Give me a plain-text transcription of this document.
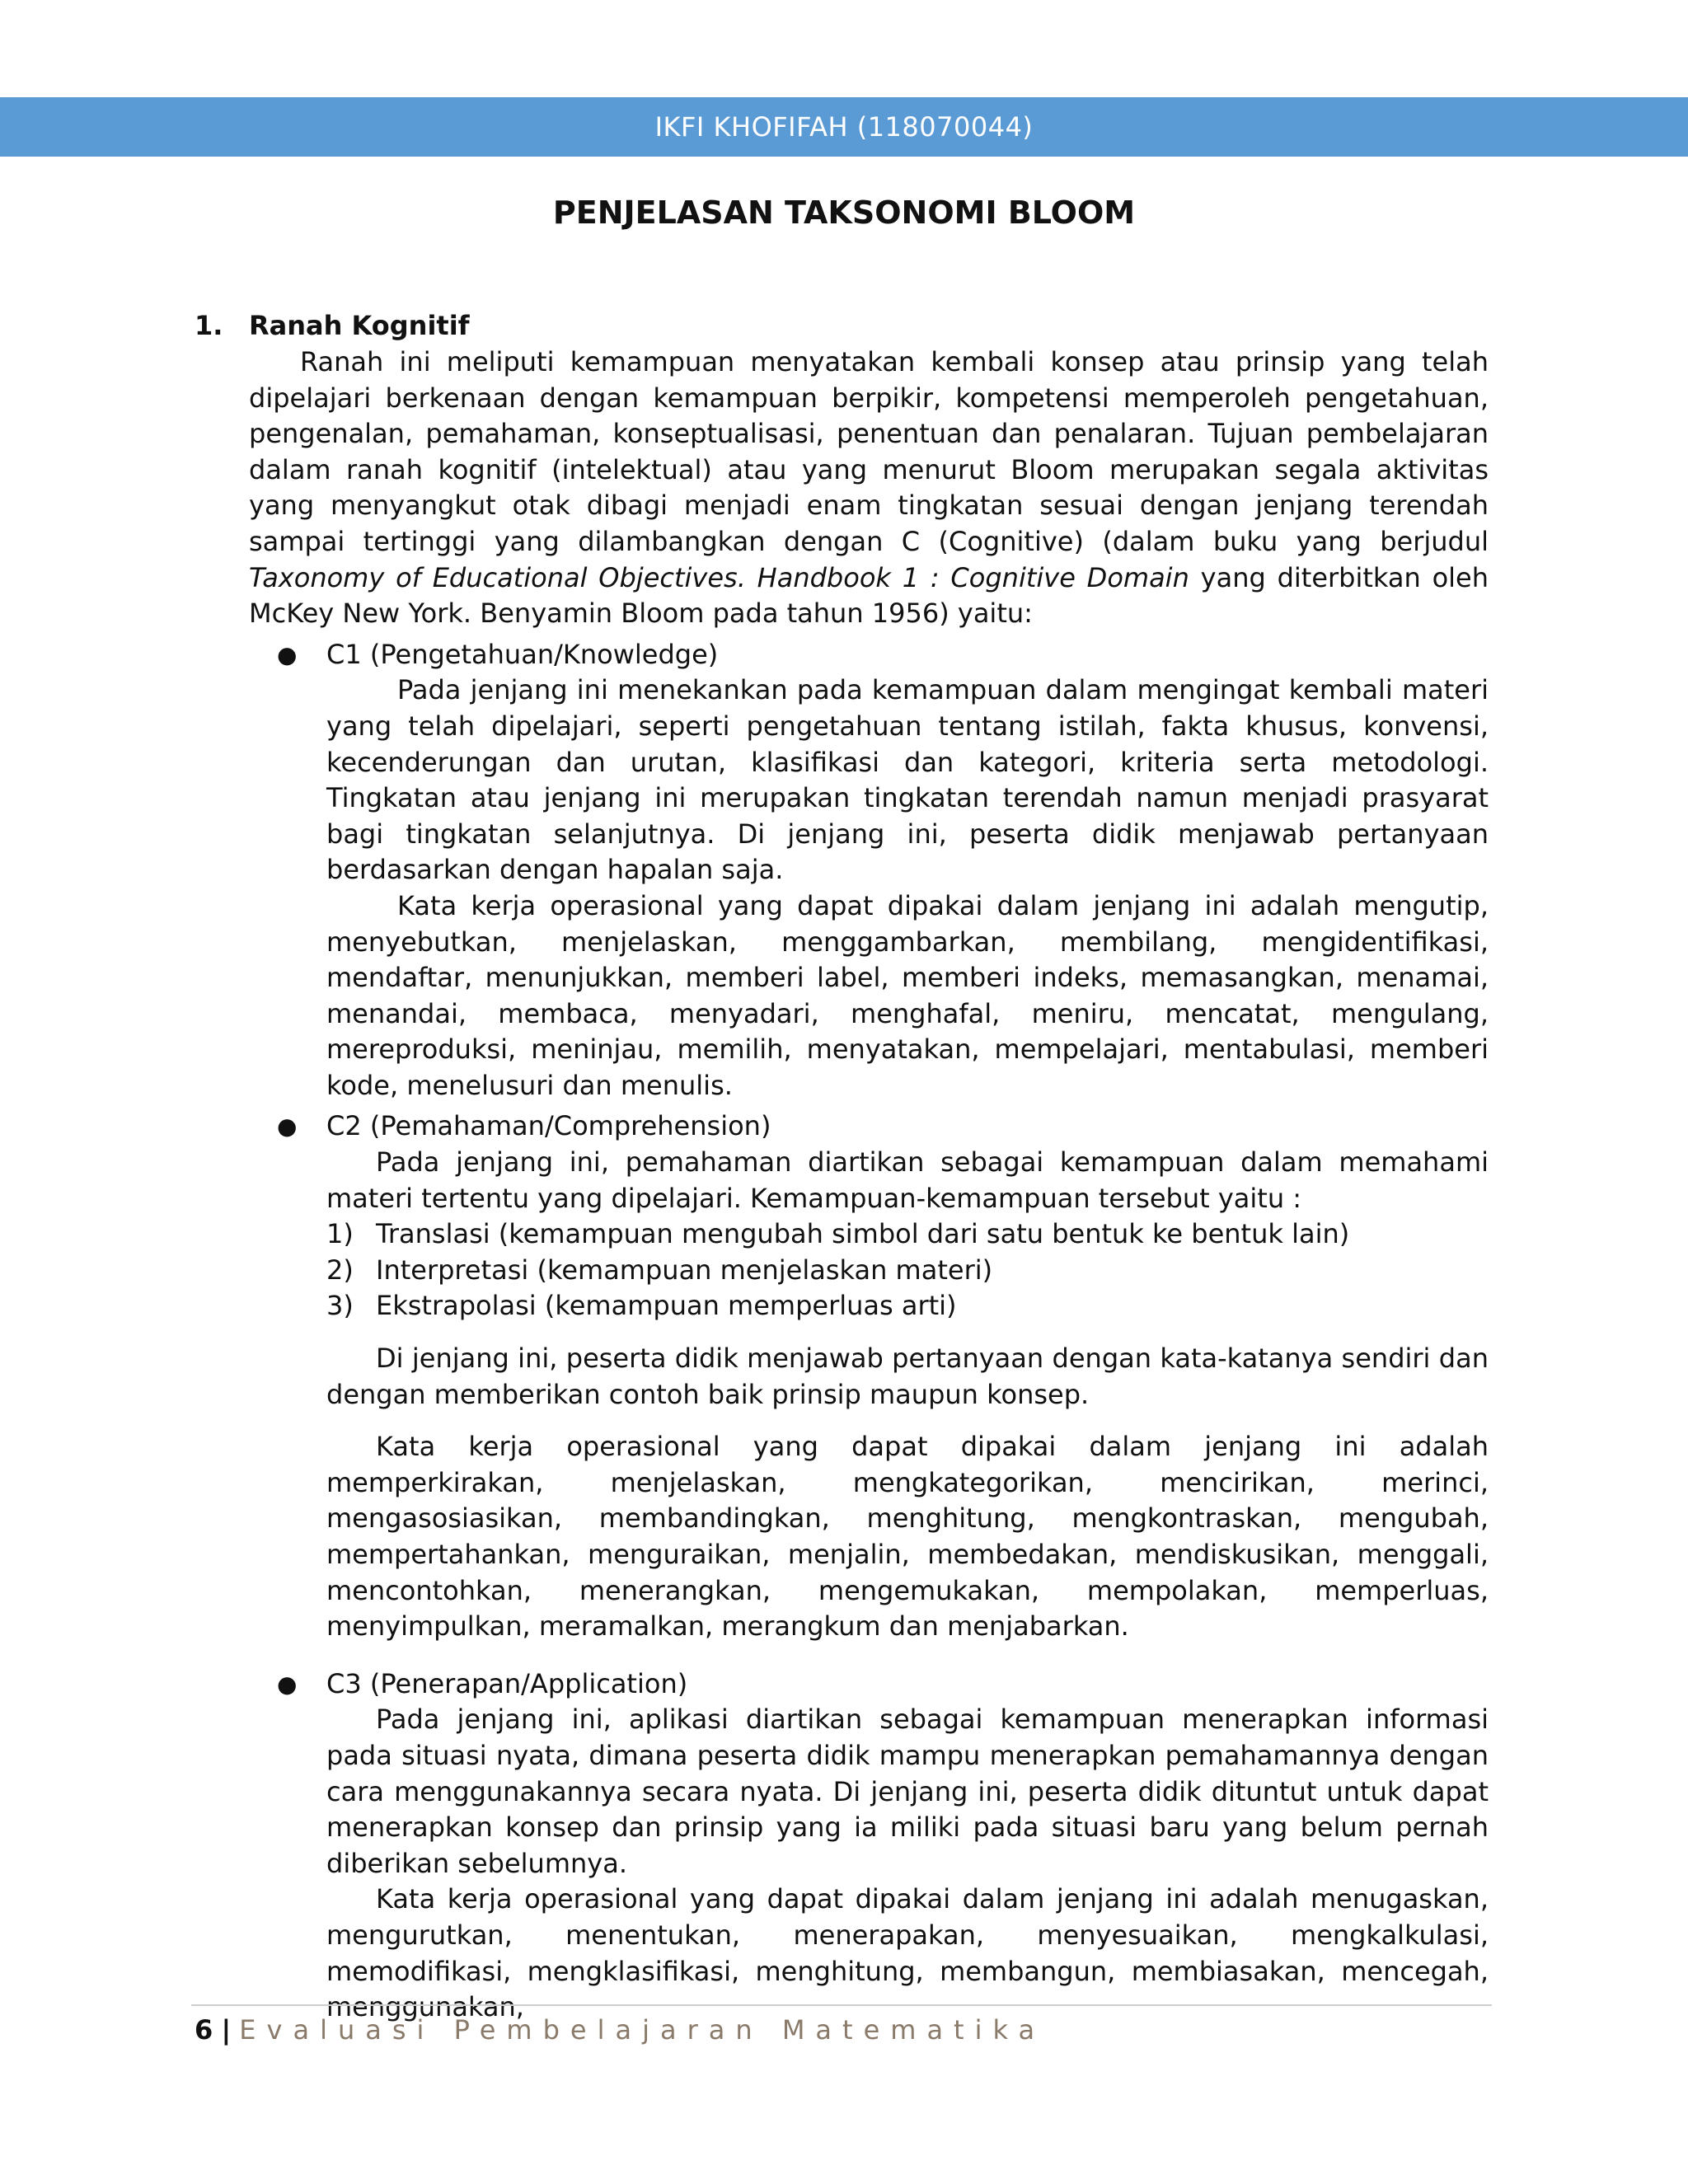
IKFI KHOFIFAH (118070044)
PENJELASAN TAKSONOMI BLOOM
1. Ranah Kognitif

Ranah ini meliputi kemampuan menyatakan kembali konsep atau prinsip yang telah dipelajari berkenaan dengan kemampuan berpikir, kompetensi memperoleh pengetahuan, pengenalan, pemahaman, konseptualisasi, penentuan dan penalaran. Tujuan pembelajaran dalam ranah kognitif (intelektual) atau yang menurut Bloom merupakan segala aktivitas yang menyangkut otak dibagi menjadi enam tingkatan sesuai dengan jenjang terendah sampai tertinggi yang dilambangkan dengan C (Cognitive) (dalam buku yang berjudul Taxonomy of Educational Objectives. Handbook 1 : Cognitive Domain yang diterbitkan oleh McKey New York. Benyamin Bloom pada tahun 1956) yaitu:

● C1 (Pengetahuan/Knowledge)

Pada jenjang ini menekankan pada kemampuan dalam mengingat kembali materi yang telah dipelajari, seperti pengetahuan tentang istilah, fakta khusus, konvensi, kecenderungan dan urutan, klasifikasi dan kategori, kriteria serta metodologi. Tingkatan atau jenjang ini merupakan tingkatan terendah namun menjadi prasyarat bagi tingkatan selanjutnya. Di jenjang ini, peserta didik menjawab pertanyaan berdasarkan dengan hapalan saja.

Kata kerja operasional yang dapat dipakai dalam jenjang ini adalah mengutip, menyebutkan, menjelaskan, menggambarkan, membilang, mengidentifikasi, mendaftar, menunjukkan, memberi label, memberi indeks, memasangkan, menamai, menandai, membaca, menyadari, menghafal, meniru, mencatat, mengulang, mereproduksi, meninjau, memilih, menyatakan, mempelajari, mentabulasi, memberi kode, menelusuri dan menulis.

● C2 (Pemahaman/Comprehension)

Pada jenjang ini, pemahaman diartikan sebagai kemampuan dalam memahami materi tertentu yang dipelajari. Kemampuan-kemampuan tersebut yaitu :

1) Translasi (kemampuan mengubah simbol dari satu bentuk ke bentuk lain)
2) Interpretasi (kemampuan menjelaskan materi)
3) Ekstrapolasi (kemampuan memperluas arti)

Di jenjang ini, peserta didik menjawab pertanyaan dengan kata-katanya sendiri dan dengan memberikan contoh baik prinsip maupun konsep.

Kata kerja operasional yang dapat dipakai dalam jenjang ini adalah memperkirakan, menjelaskan, mengkategorikan, mencirikan, merinci, mengasosiasikan, membandingkan, menghitung, mengkontraskan, mengubah, mempertahankan, menguraikan, menjalin, membedakan, mendiskusikan, menggali, mencontohkan, menerangkan, mengemukakan, mempolakan, memperluas, menyimpulkan, meramalkan, merangkum dan menjabarkan.

● C3 (Penerapan/Application)

Pada jenjang ini, aplikasi diartikan sebagai kemampuan menerapkan informasi pada situasi nyata, dimana peserta didik mampu menerapkan pemahamannya dengan cara menggunakannya secara nyata. Di jenjang ini, peserta didik dituntut untuk dapat menerapkan konsep dan prinsip yang ia miliki pada situasi baru yang belum pernah diberikan sebelumnya.

Kata kerja operasional yang dapat dipakai dalam jenjang ini adalah menugaskan, mengurutkan, menentukan, menerapakan, menyesuaikan, mengkalkulasi, memodifikasi, mengklasifikasi, menghitung, membangun, membiasakan, mencegah, menggunakan,

6 | Evaluasi Pembelajaran Matematika
